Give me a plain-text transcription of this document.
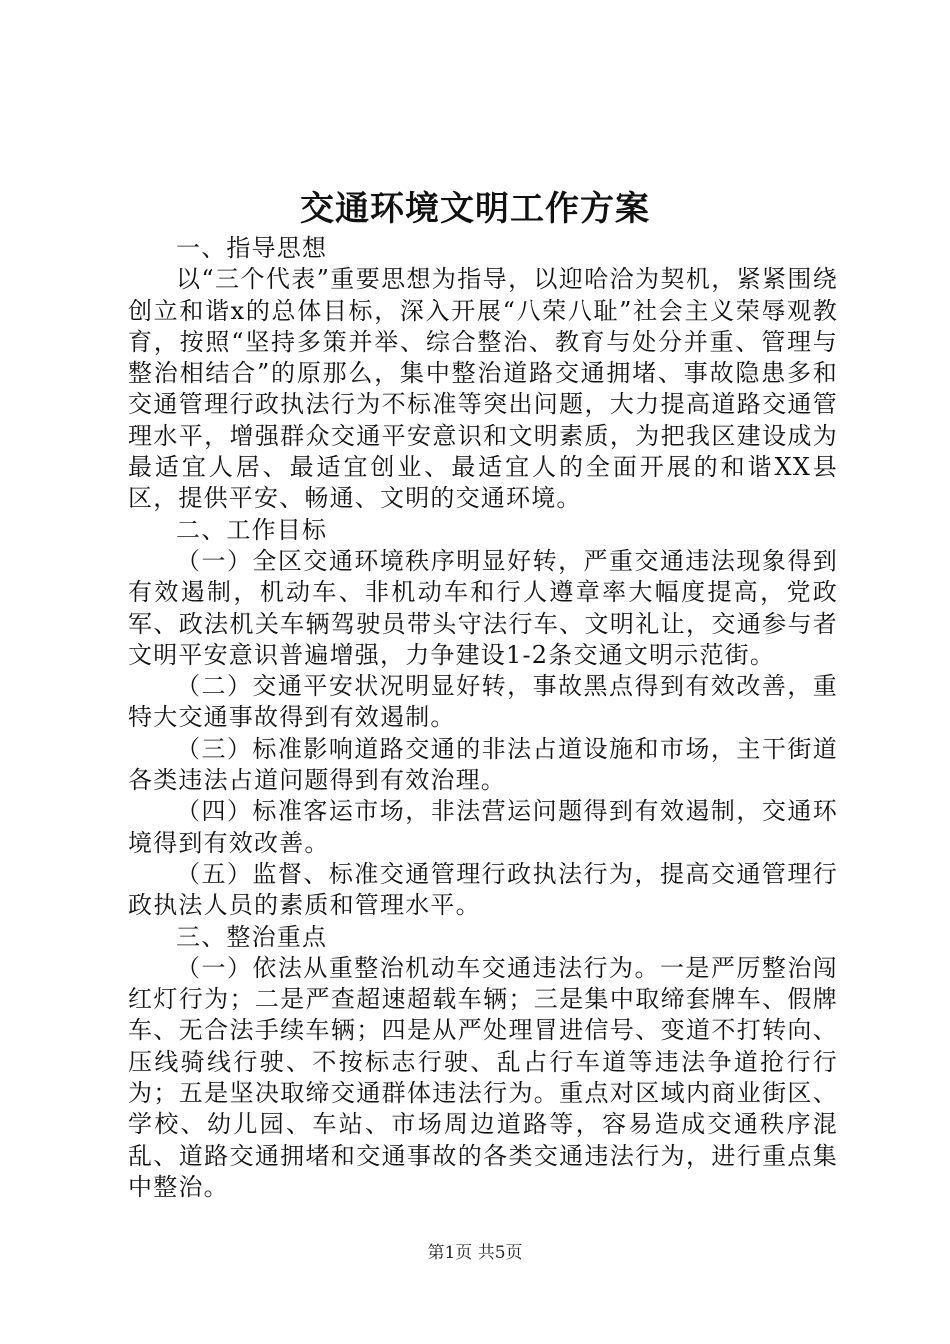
交通环境文明工作方案

一、指导思想

以“三个代表”重要思想为指导，以迎哈洽为契机，紧紧围绕创立和谐x的总体目标，深入开展“八荣八耻”社会主义荣辱观教育，按照“坚持多策并举、综合整治、教育与处分并重、管理与整治相结合”的原那么，集中整治道路交通拥堵、事故隐患多和交通管理行政执法行为不标准等突出问题，大力提高道路交通管理水平，增强群众交通平安意识和文明素质，为把我区建设成为最适宜人居、最适宜创业、最适宜人的全面开展的和谐XX县区，提供平安、畅通、文明的交通环境。

二、工作目标

（一）全区交通环境秩序明显好转，严重交通违法现象得到有效遏制，机动车、非机动车和行人遵章率大幅度提高，党政军、政法机关车辆驾驶员带头守法行车、文明礼让，交通参与者文明平安意识普遍增强，力争建设1-2条交通文明示范街。

（二）交通平安状况明显好转，事故黑点得到有效改善，重特大交通事故得到有效遏制。

（三）标准影响道路交通的非法占道设施和市场，主干街道各类违法占道问题得到有效治理。

（四）标准客运市场，非法营运问题得到有效遏制，交通环境得到有效改善。

（五）监督、标准交通管理行政执法行为，提高交通管理行政执法人员的素质和管理水平。

三、整治重点

（一）依法从重整治机动车交通违法行为。一是严厉整治闯红灯行为；二是严查超速超载车辆；三是集中取缔套牌车、假牌车、无合法手续车辆；四是从严处理冒进信号、变道不打转向、压线骑线行驶、不按标志行驶、乱占行车道等违法争道抢行行为；五是坚决取缔交通群体违法行为。重点对区域内商业街区、学校、幼儿园、车站、市场周边道路等，容易造成交通秩序混乱、道路交通拥堵和交通事故的各类交通违法行为，进行重点集中整治。

第1页 共5页
